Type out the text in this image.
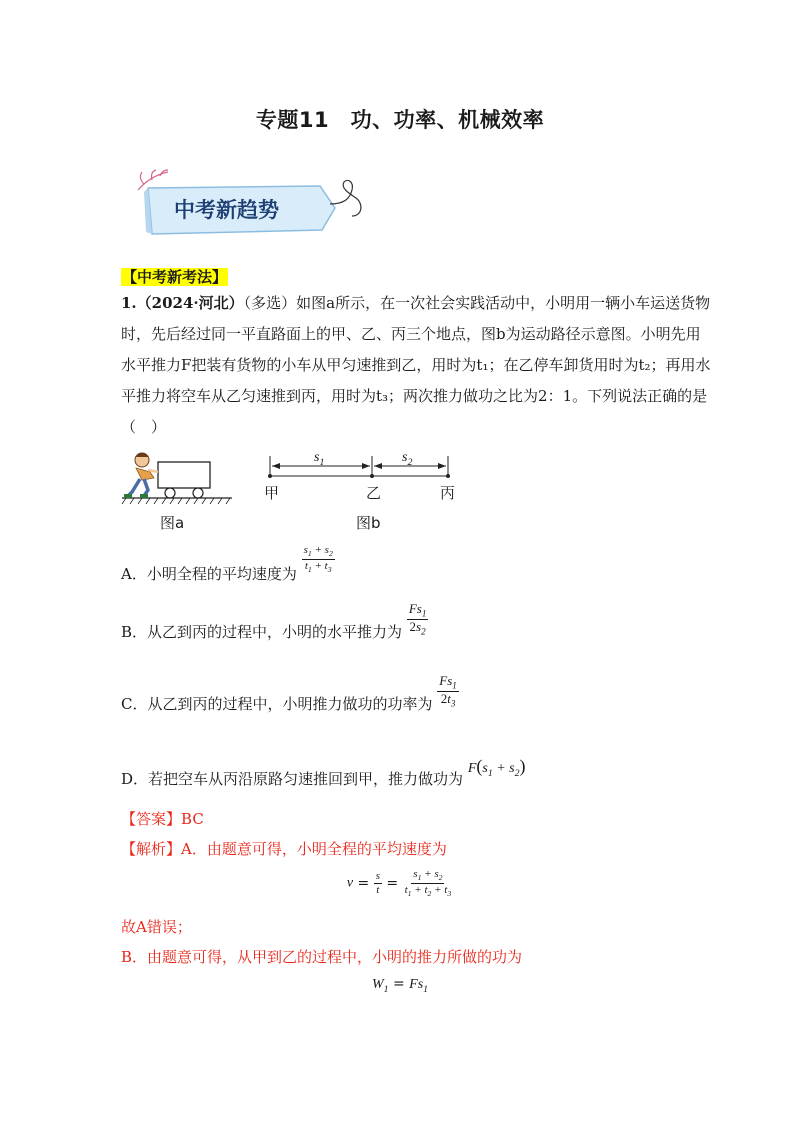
专题11　功、功率、机械效率
中考新趋势
【中考新考法】
1.（2024·河北）（多选）如图a所示，在一次社会实践活动中，小明用一辆小车运送货物
时，先后经过同一平直路面上的甲、乙、丙三个地点，图b为运动路径示意图。小明先用
水平推力F把装有货物的小车从甲匀速推到乙，用时为t₁；在乙停车卸货用时为t₂；再用水
平推力将空车从乙匀速推到丙，用时为t₃；两次推力做功之比为2：1。下列说法正确的是
（　）
图a
$s_1$	$s_2$
甲	乙	丙
图b
A．小明全程的平均速度为 $\frac{s_1 + s_2}{t_1 + t_3}$
B．从乙到丙的过程中，小明的水平推力为 $\frac{Fs_1}{2s_2}$
C．从乙到丙的过程中，小明推力做功的功率为 $\frac{Fs_1}{2t_3}$
D．若把空车从丙沿原路匀速推回到甲，推力做功为 $F(s_1 + s_2)$
【答案】BC
【解析】A．由题意可得，小明全程的平均速度为
$v = \frac{s}{t} = \frac{s_1 + s_2}{t_1 + t_2 + t_3}$
故A错误；
B．由题意可得，从甲到乙的过程中，小明的推力所做的功为
$W_1 = Fs_1$
